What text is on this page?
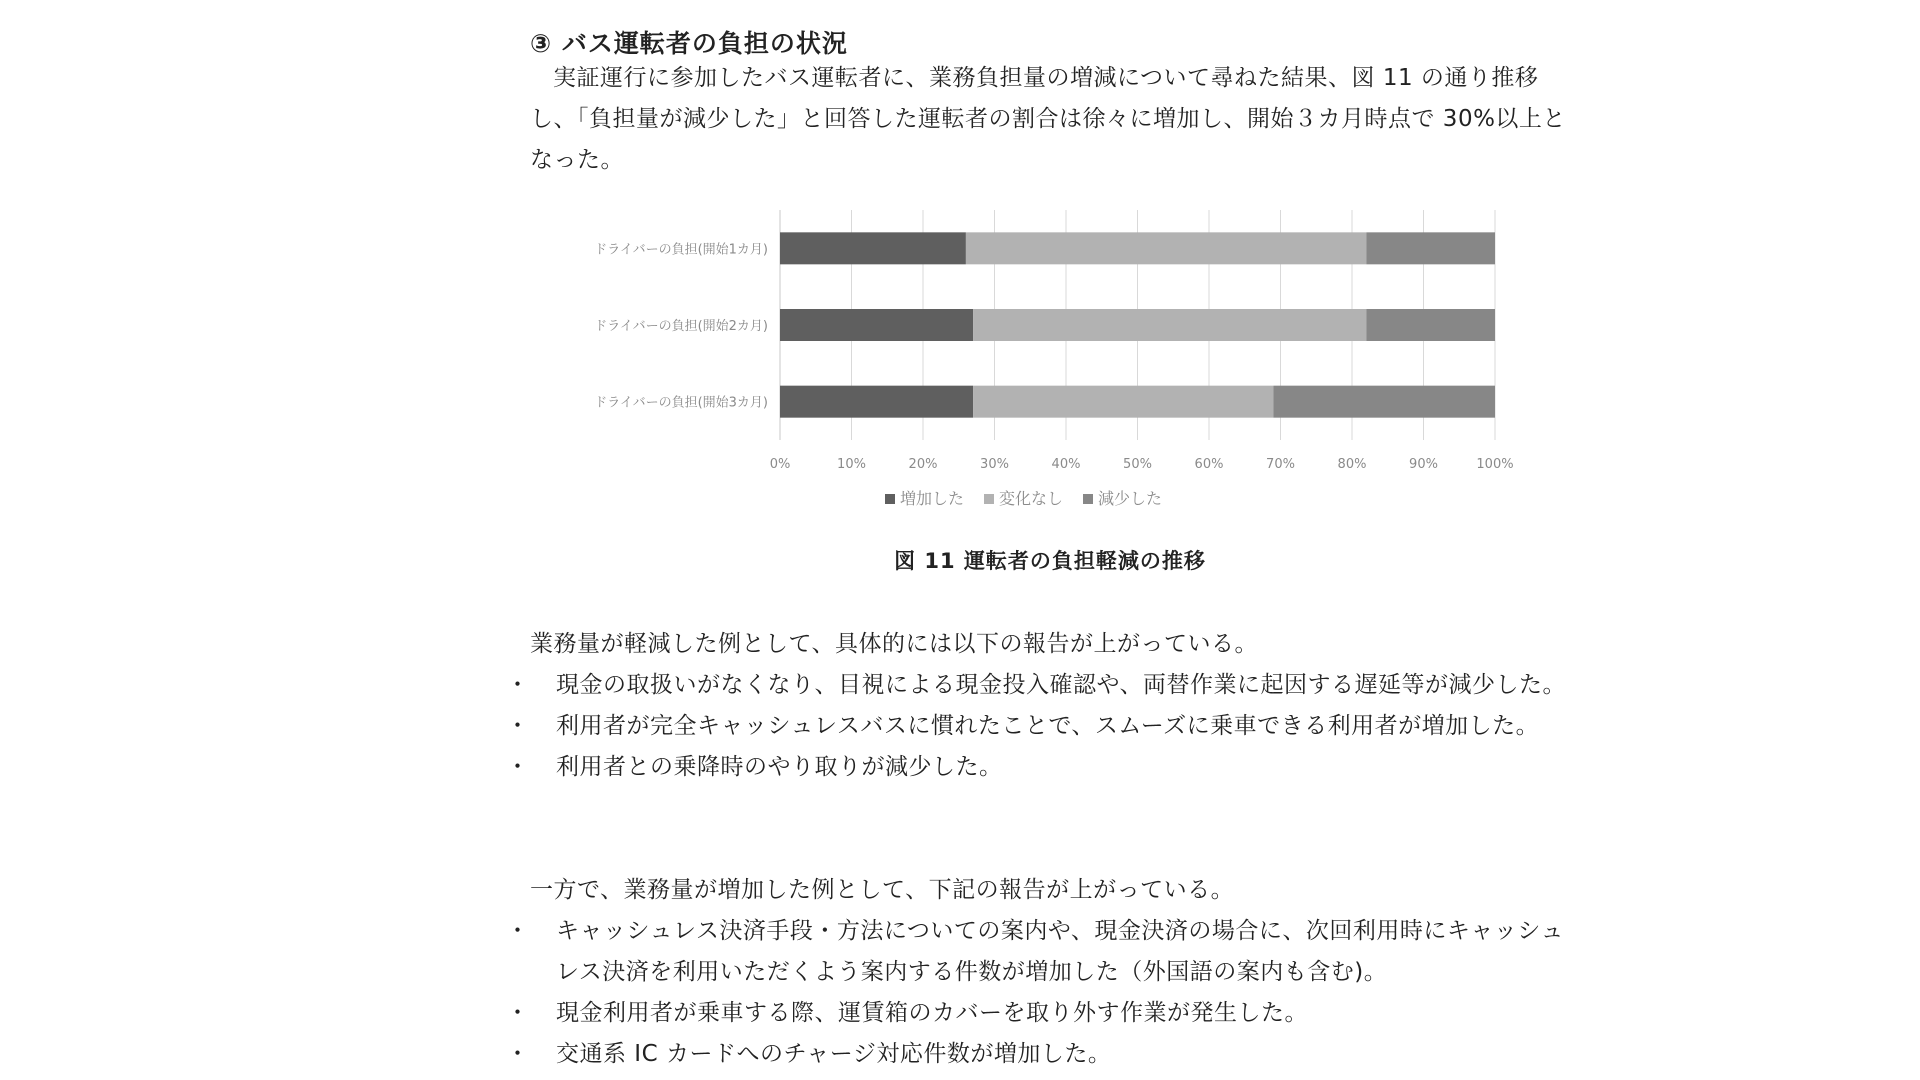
③ バス運転者の負担の状況

実証運行に参加したバス運転者に、業務負担量の増減について尋ねた結果、図 11 の通り推移し、「負担量が減少した」と回答した運転者の割合は徐々に増加し、開始３カ月時点で 30%以上となった。

0%	10%	20%	30%	40%	50%	60%	70%	80%	90%	100%
ドライバーの負担(開始1カ月)
ドライバーの負担(開始2カ月)
ドライバーの負担(開始3カ月)
増加した 変化なし 減少した
図 11 運転者の負担軽減の推移

業務量が軽減した例として、具体的には以下の報告が上がっている。

・ 現金の取扱いがなくなり、目視による現金投入確認や、両替作業に起因する遅延等が減少した。
・ 利用者が完全キャッシュレスバスに慣れたことで、スムーズに乗車できる利用者が増加した。
・ 利用者との乗降時のやり取りが減少した。

一方で、業務量が増加した例として、下記の報告が上がっている。

・ キャッシュレス決済手段・方法についての案内や、現金決済の場合に、次回利用時にキャッシュレス決済を利用いただくよう案内する件数が増加した（外国語の案内も含む)。
・ 現金利用者が乗車する際、運賃箱のカバーを取り外す作業が発生した。
・ 交通系 IC カードへのチャージ対応件数が増加した。
